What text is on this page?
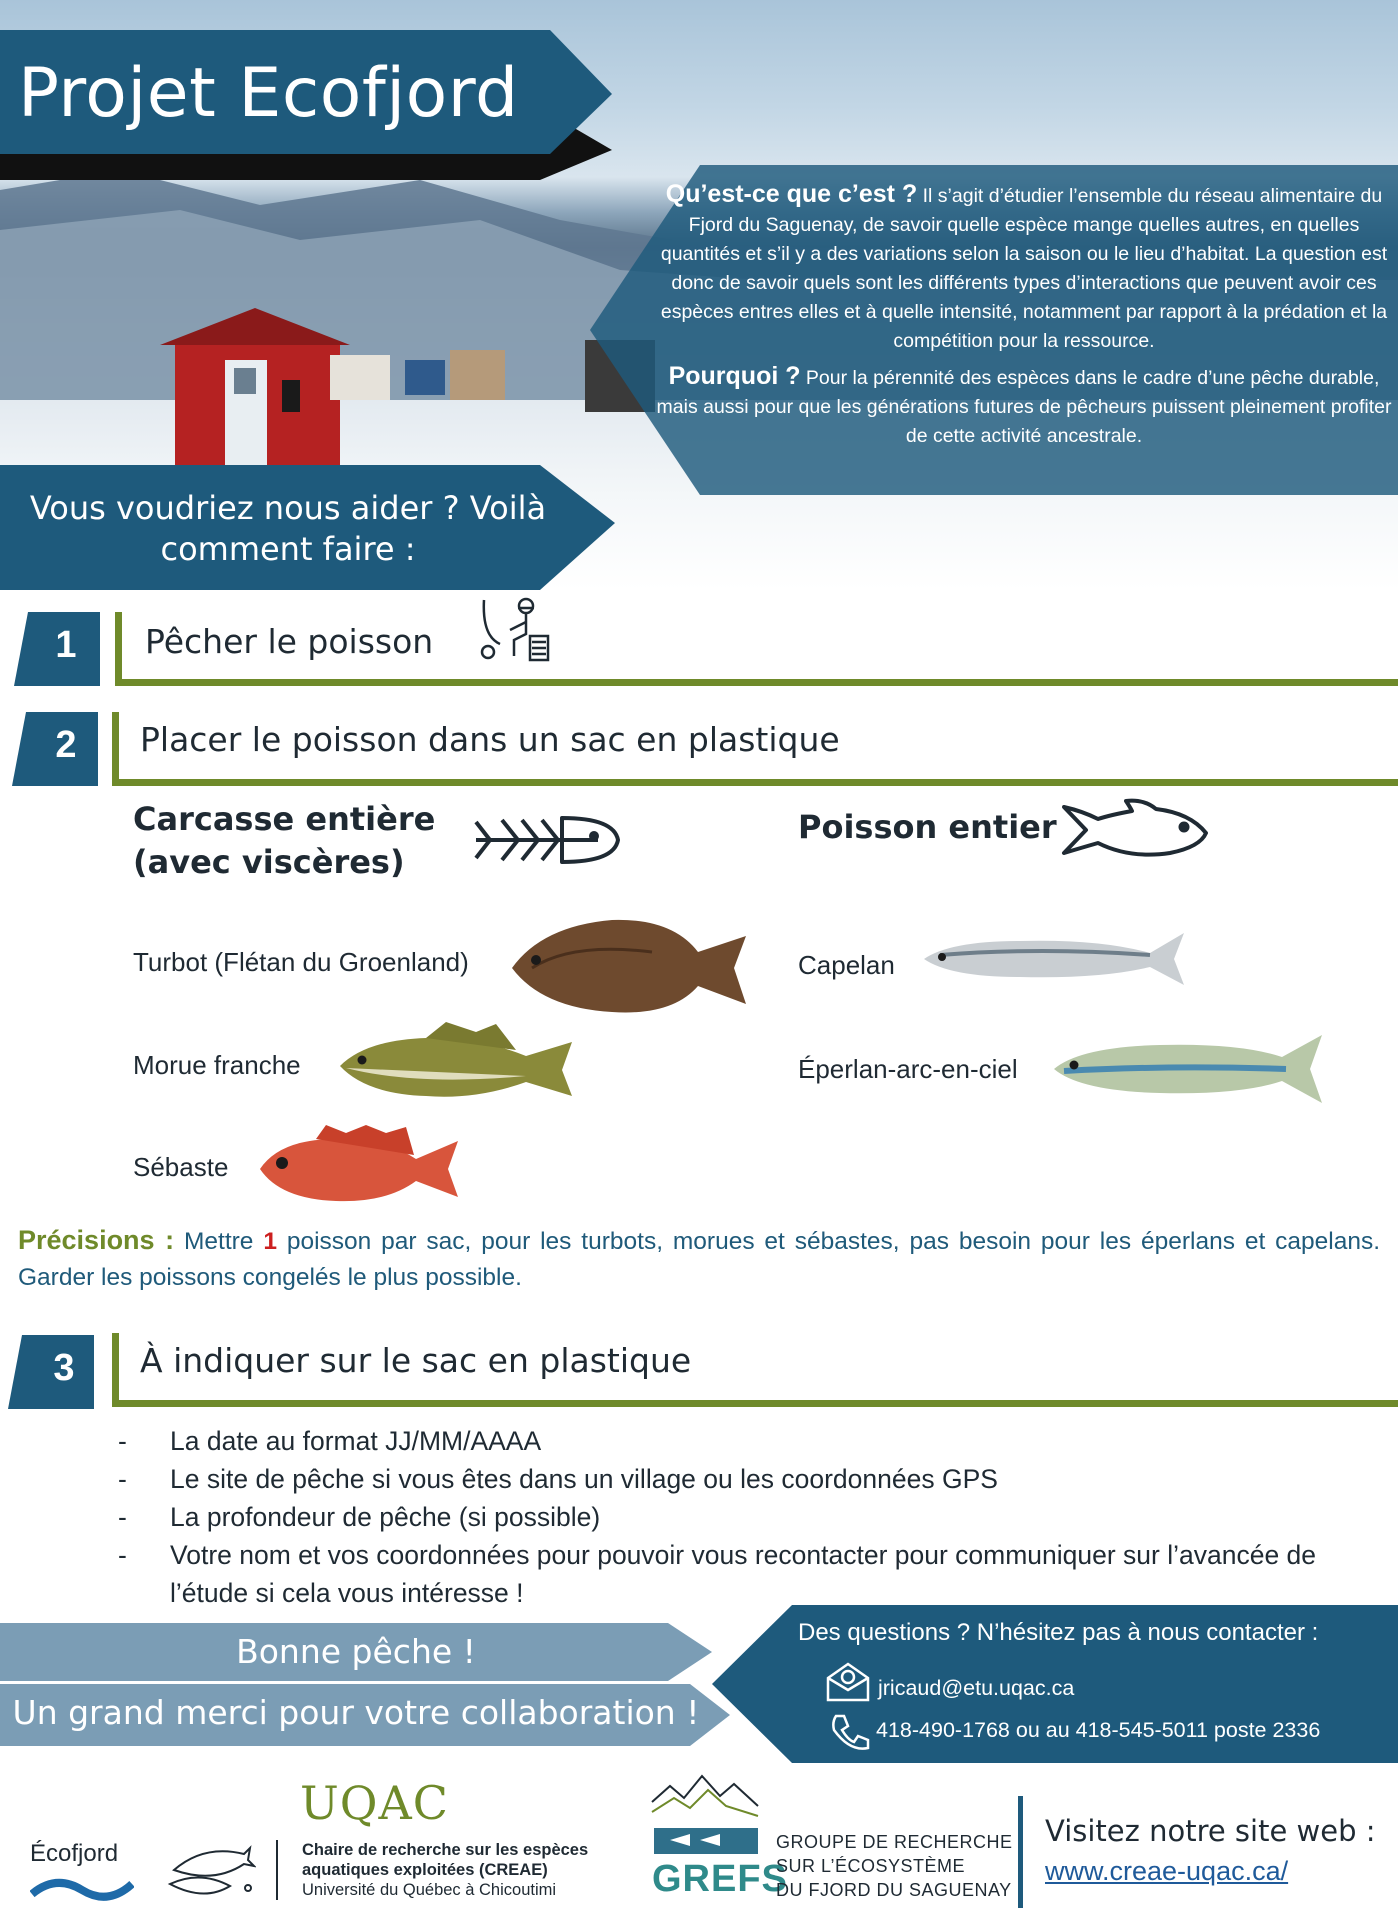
Projet Ecofjord

Qu’est-ce que c’est ? Il s’agit d’étudier l’ensemble du réseau alimentaire du Fjord du Saguenay, de savoir quelle espèce mange quelles autres, en quelles quantités et s’il y a des variations selon la saison ou le lieu d’habitat. La question est donc de savoir quels sont les différents types d’interactions que peuvent avoir ces espèces entres elles et à quelle intensité, notamment par rapport à la prédation et la compétition pour la ressource.

Pourquoi ? Pour la pérennité des espèces dans le cadre d’une pêche durable, mais aussi pour que les générations futures de pêcheurs puissent pleinement profiter de cette activité ancestrale.

Vous voudriez nous aider ? Voilà
comment faire :
1	Pêcher le poisson
2	Placer le poisson dans un sac en plastique
Carcasse entière
(avec viscères)
Poisson entier
Turbot (Flétan du Groenland)
Morue franche
Sébaste
Capelan
Éperlan-arc-en-ciel
Précisions : Mettre 1 poisson par sac, pour les turbots, morues et sébastes, pas besoin pour les éperlans et capelans. Garder les poissons congelés le plus possible.
3	À indiquer sur le sac en plastique
- La date au format JJ/MM/AAAA
- Le site de pêche si vous êtes dans un village ou les coordonnées GPS
- La profondeur de pêche (si possible)
- Votre nom et vos coordonnées pour pouvoir vous recontacter pour communiquer sur l’avancée de l’étude si cela vous intéresse !
Bonne pêche !
Un grand merci pour votre collaboration !
Des questions ? N’hésitez pas à nous contacter :
jricaud@etu.uqac.ca
418-490-1768 ou au 418-545-5011 poste 2336
Écofjord
UQAC
Chaire de recherche sur les espèces
aquatiques exploitées (CREAE)
Université du Québec à Chicoutimi	GREFS
GROUPE DE RECHERCHE
SUR L’ÉCOSYSTÈME
DU FJORD DU SAGUENAY
Visitez notre site web :
www.creae-uqac.ca/
